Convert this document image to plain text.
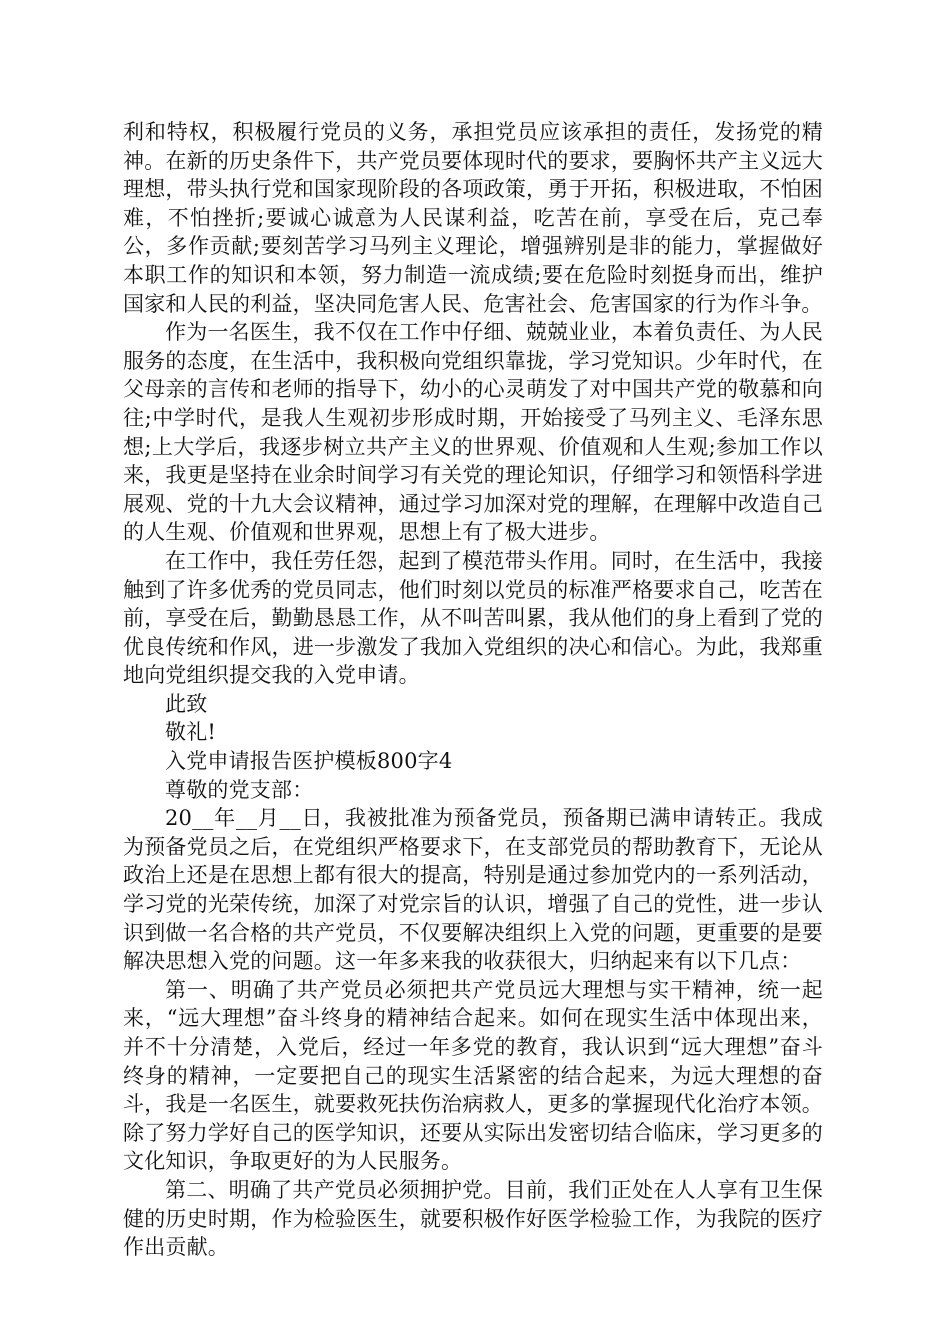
利和特权，积极履行党员的义务，承担党员应该承担的责任，发扬党的精神。在新的历史条件下，共产党员要体现时代的要求，要胸怀共产主义远大理想，带头执行党和国家现阶段的各项政策，勇于开拓，积极进取，不怕困难，不怕挫折;要诚心诚意为人民谋利益，吃苦在前，享受在后，克己奉公，多作贡献;要刻苦学习马列主义理论，增强辨别是非的能力，掌握做好本职工作的知识和本领，努力制造一流成绩;要在危险时刻挺身而出，维护国家和人民的利益，坚决同危害人民、危害社会、危害国家的行为作斗争。

作为一名医生，我不仅在工作中仔细、兢兢业业，本着负责任、为人民服务的态度，在生活中，我积极向党组织靠拢，学习党知识。少年时代，在父母亲的言传和老师的指导下，幼小的心灵萌发了对中国共产党的敬慕和向往;中学时代，是我人生观初步形成时期，开始接受了马列主义、毛泽东思想;上大学后，我逐步树立共产主义的世界观、价值观和人生观;参加工作以来，我更是坚持在业余时间学习有关党的理论知识，仔细学习和领悟科学进展观、党的十九大会议精神，通过学习加深对党的理解，在理解中改造自己的人生观、价值观和世界观，思想上有了极大进步。

在工作中，我任劳任怨，起到了模范带头作用。同时，在生活中，我接触到了许多优秀的党员同志，他们时刻以党员的标准严格要求自己，吃苦在前，享受在后，勤勤恳恳工作，从不叫苦叫累，我从他们的身上看到了党的优良传统和作风，进一步激发了我加入党组织的决心和信心。为此，我郑重地向党组织提交我的入党申请。

此致

敬礼!

入党申请报告医护模板800字4

尊敬的党支部：

20__年__月__日，我被批准为预备党员，预备期已满申请转正。我成为预备党员之后，在党组织严格要求下，在支部党员的帮助教育下，无论从政治上还是在思想上都有很大的提高，特别是通过参加党内的一系列活动，学习党的光荣传统，加深了对党宗旨的认识，增强了自己的党性，进一步认识到做一名合格的共产党员，不仅要解决组织上入党的问题，更重要的是要解决思想入党的问题。这一年多来我的收获很大，归纳起来有以下几点：

第一、明确了共产党员必须把共产党员远大理想与实干精神，统一起来，“远大理想”奋斗终身的精神结合起来。如何在现实生活中体现出来，并不十分清楚，入党后，经过一年多党的教育，我认识到“远大理想”奋斗终身的精神，一定要把自己的现实生活紧密的结合起来，为远大理想的奋斗，我是一名医生，就要救死扶伤治病救人，更多的掌握现代化治疗本领。除了努力学好自己的医学知识，还要从实际出发密切结合临床，学习更多的文化知识，争取更好的为人民服务。

第二、明确了共产党员必须拥护党。目前，我们正处在人人享有卫生保健的历史时期，作为检验医生，就要积极作好医学检验工作，为我院的医疗作出贡献。
